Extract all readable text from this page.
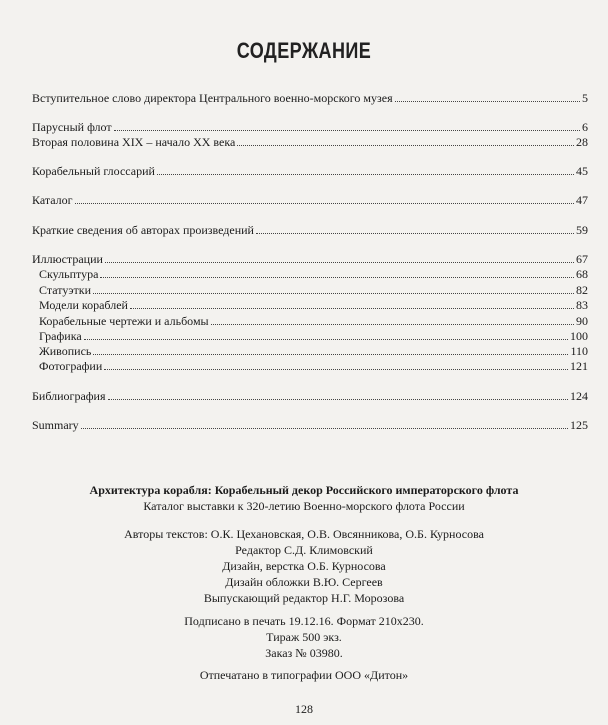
СОДЕРЖАНИЕ
Вступительное слово директора Центрального военно-морского музея	5
Парусный флот	6
Вторая половина XIX – начало XX века	28
Корабельный глоссарий	45
Каталог	47
Краткие сведения об авторах произведений	59
Иллюстрации	67
Скульптура	68
Статуэтки	82
Модели кораблей	83
Корабельные чертежи и альбомы	90
Графика	100
Живопись	110
Фотографии	121
Библиография	124
Summary	125
Архитектура корабля: Корабельный декор Российского императорского флота
Каталог выставки к 320-летию Военно-морского флота России
Авторы текстов: О.К. Цехановская, О.В. Овсянникова, О.Б. Курносова
Редактор С.Д. Климовский
Дизайн, верстка О.Б. Курносова
Дизайн обложки В.Ю. Сергеев
Выпускающий редактор Н.Г. Морозова
Подписано в печать 19.12.16. Формат 210х230.
Тираж 500 экз.
Заказ № 03980.
Отпечатано в типографии ООО «Дитон»
128
